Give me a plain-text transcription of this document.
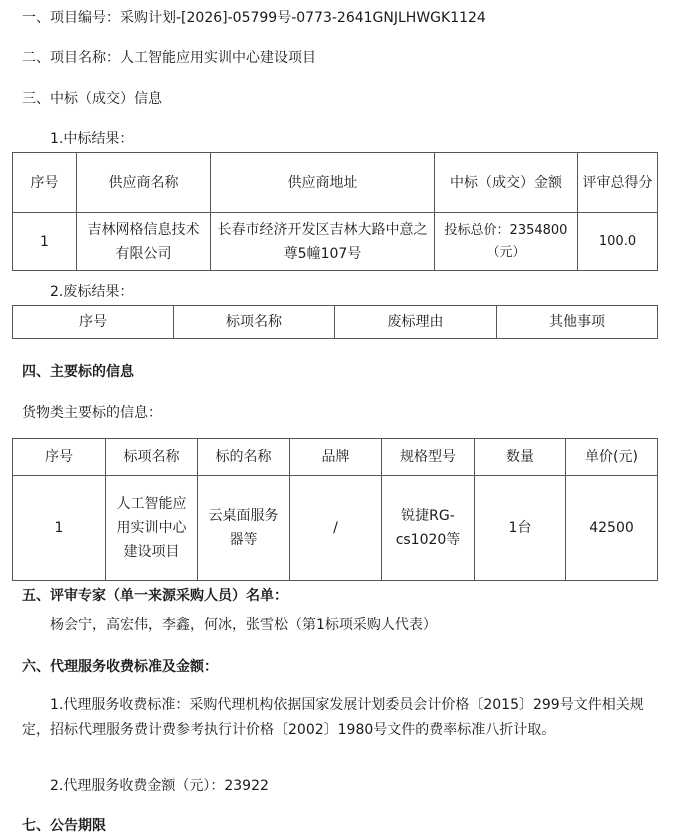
一、项目编号：采购计划-[2026]-05799号-0773-2641GNJLHWGK1124
二、项目名称：人工智能应用实训中心建设项目
三、中标（成交）信息
1.中标结果：
序号	供应商名称	供应商地址	中标（成交）金额	评审总得分
1	吉林网格信息技术有限公司	长春市经济开发区吉林大路中意之尊5幢107号	投标总价：2354800（元）	100.0
2.废标结果：
序号	标项名称	废标理由	其他事项
四、主要标的信息
货物类主要标的信息：
序号	标项名称	标的名称	品牌	规格型号	数量	单价(元)
1	人工智能应用实训中心建设项目	云桌面服务器等	/	锐捷RG-cs1020等	1台	42500
五、评审专家（单一来源采购人员）名单：
杨会宁，高宏伟，李鑫，何冰，张雪松（第1标项采购人代表）
六、代理服务收费标准及金额：

1.代理服务收费标准：采购代理机构依据国家发展计划委员会计价格〔2015〕299号文件相关规定，招标代理服务费计费参考执行计价格〔2002〕1980号文件的费率标准八折计取。

2.代理服务收费金额（元）：23922
七、公告期限
